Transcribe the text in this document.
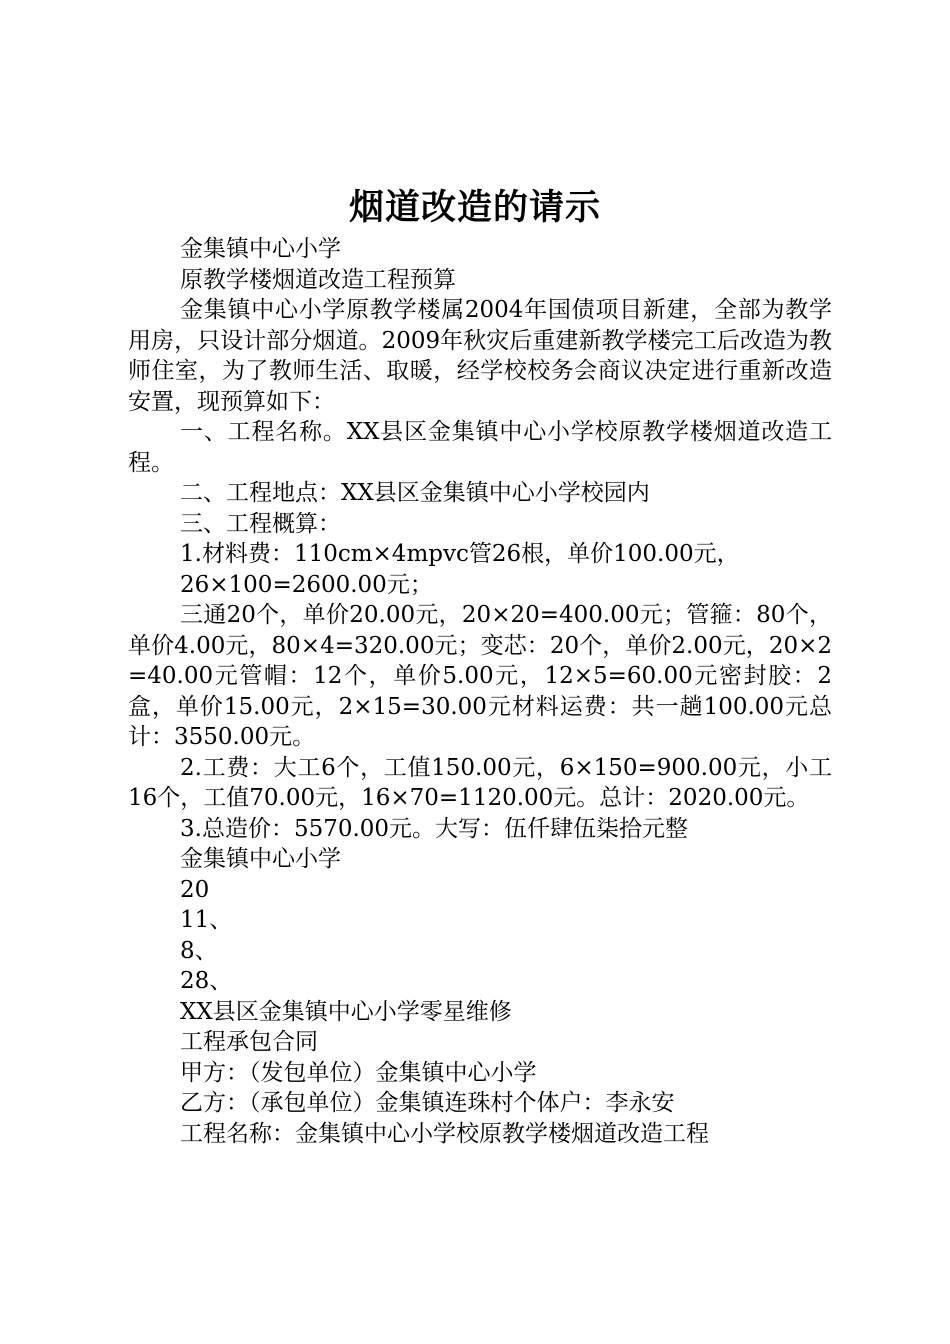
烟道改造的请示

金集镇中心小学

原教学楼烟道改造工程预算

金集镇中心小学原教学楼属2004年国债项目新建，全部为教学用房，只设计部分烟道。2009年秋灾后重建新教学楼完工后改造为教师住室，为了教师生活、取暖，经学校校务会商议决定进行重新改造安置，现预算如下：

一、工程名称。XX县区金集镇中心小学校原教学楼烟道改造工程。

二、工程地点：XX县区金集镇中心小学校园内

三、工程概算：

1.材料费：110cm×4mpvc管26根，单价100.00元，

26×100=2600.00元；

三通20个，单价20.00元，20×20=400.00元；管箍：80个，单价4.00元，80×4=320.00元；变芯：20个，单价2.00元，20×2=40.00元管帽：12个，单价5.00元，12×5=60.00元密封胶：2盒，单价15.00元，2×15=30.00元材料运费：共一趟100.00元总计：3550.00元。

2.工费：大工6个，工值150.00元，6×150=900.00元，小工16个，工值70.00元，16×70=1120.00元。总计：2020.00元。

3.总造价：5570.00元。大写：伍仟肆伍柒拾元整

金集镇中心小学

20

11、

8、

28、

XX县区金集镇中心小学零星维修

工程承包合同

甲方：（发包单位）金集镇中心小学

乙方：（承包单位）金集镇连珠村个体户：李永安

工程名称：金集镇中心小学校原教学楼烟道改造工程
